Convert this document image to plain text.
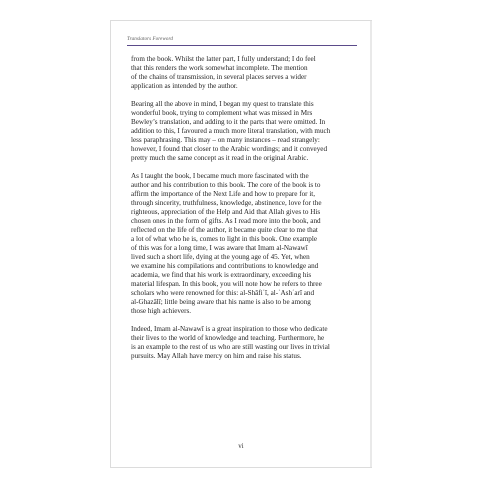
Translators Foreword

from the book. Whilst the latter part, I fully understand; I do feel
that this renders the work somewhat incomplete. The mention
of the chains of transmission, in several places serves a wider
application as intended by the author.

Bearing all the above in mind, I began my quest to translate this
wonderful book, trying to complement what was missed in Mrs
Bewley’s translation, and adding to it the parts that were omitted. In
addition to this, I favoured a much more literal translation, with much
less paraphrasing. This may – on many instances – read strangely:
however, I found that closer to the Arabic wordings; and it conveyed
pretty much the same concept as it read in the original Arabic.

As I taught the book, I became much more fascinated with the
author and his contribution to this book. The core of the book is to
affirm the importance of the Next Life and how to prepare for it,
through sincerity, truthfulness, knowledge, abstinence, love for the
righteous, appreciation of the Help and Aid that Allah gives to His
chosen ones in the form of gifts. As I read more into the book, and
reflected on the life of the author, it became quite clear to me that
a lot of what who he is, comes to light in this book. One example
of this was for a long time, I was aware that Imam al-Nawawī
lived such a short life, dying at the young age of 45. Yet, when
we examine his compilations and contributions to knowledge and
academia, we find that his work is extraordinary, exceeding his
material lifespan. In this book, you will note how he refers to three
scholars who were renowned for this: al-Shāfiʿī, al-ʾAshʿarī and
al-Ghazālī; little being aware that his name is also to be among
those high achievers.

Indeed, Imam al-Nawawī is a great inspiration to those who dedicate
their lives to the world of knowledge and teaching. Furthermore, he
is an example to the rest of us who are still wasting our lives in trivial
pursuits. May Allah have mercy on him and raise his status.

vi
